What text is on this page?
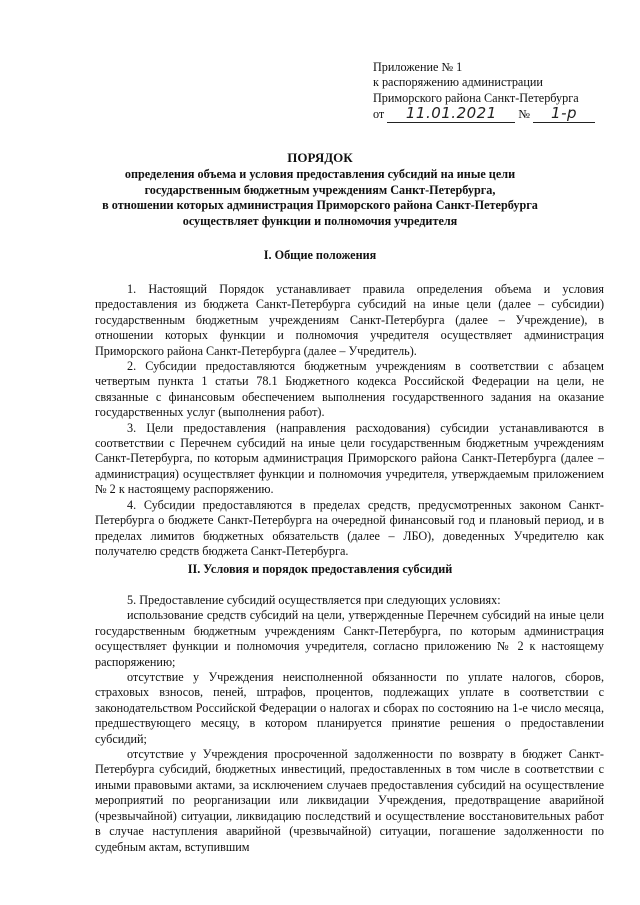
Приложение № 1
к распоряжению администрации
Приморского района Санкт-Петербурга
от 11.01.2021 № 1-р
ПОРЯДОК
определения объема и условия предоставления субсидий на иные цели
государственным бюджетным учреждениям Санкт-Петербурга,
в отношении которых администрация Приморского района Санкт-Петербурга
осуществляет функции и полномочия учредителя
I. Общие положения

1. Настоящий Порядок устанавливает правила определения объема и условия предоставления из бюджета Санкт-Петербурга субсидий на иные цели (далее – субсидии) государственным бюджетным учреждениям Санкт-Петербурга (далее – Учреждение), в отношении которых функции и полномочия учредителя осуществляет администрация Приморского района Санкт-Петербурга (далее – Учредитель).

2. Субсидии предоставляются бюджетным учреждениям в соответствии с абзацем четвертым пункта 1 статьи 78.1 Бюджетного кодекса Российской Федерации на цели, не связанные с финансовым обеспечением выполнения государственного задания на оказание государственных услуг (выполнения работ).

3. Цели предоставления (направления расходования) субсидии устанавливаются в соответствии с Перечнем субсидий на иные цели государственным бюджетным учреждениям Санкт-Петербурга, по которым администрация Приморского района Санкт-Петербурга (далее – администрация) осуществляет функции и полномочия учредителя, утверждаемым приложением № 2 к настоящему распоряжению.

4. Субсидии предоставляются в пределах средств, предусмотренных законом Санкт-Петербурга о бюджете Санкт-Петербурга на очередной финансовый год и плановый период, и в пределах лимитов бюджетных обязательств (далее – ЛБО), доведенных Учредителю как получателю средств бюджета Санкт-Петербурга.

II. Условия и порядок предоставления субсидий

5. Предоставление субсидий осуществляется при следующих условиях:

использование средств субсидий на цели, утвержденные Перечнем субсидий на иные цели государственным бюджетным учреждениям Санкт-Петербурга, по которым администрация осуществляет функции и полномочия учредителя, согласно приложению № 2 к настоящему распоряжению;

отсутствие у Учреждения неисполненной обязанности по уплате налогов, сборов, страховых взносов, пеней, штрафов, процентов, подлежащих уплате в соответствии с законодательством Российской Федерации о налогах и сборах по состоянию на 1-е число месяца, предшествующего месяцу, в котором планируется принятие решения о предоставлении субсидий;

отсутствие у Учреждения просроченной задолженности по возврату в бюджет Санкт-Петербурга субсидий, бюджетных инвестиций, предоставленных в том числе в соответствии с иными правовыми актами, за исключением случаев предоставления субсидий на осуществление мероприятий по реорганизации или ликвидации Учреждения, предотвращение аварийной (чрезвычайной) ситуации, ликвидацию последствий и осуществление восстановительных работ в случае наступления аварийной (чрезвычайной) ситуации, погашение задолженности по судебным актам, вступившим
